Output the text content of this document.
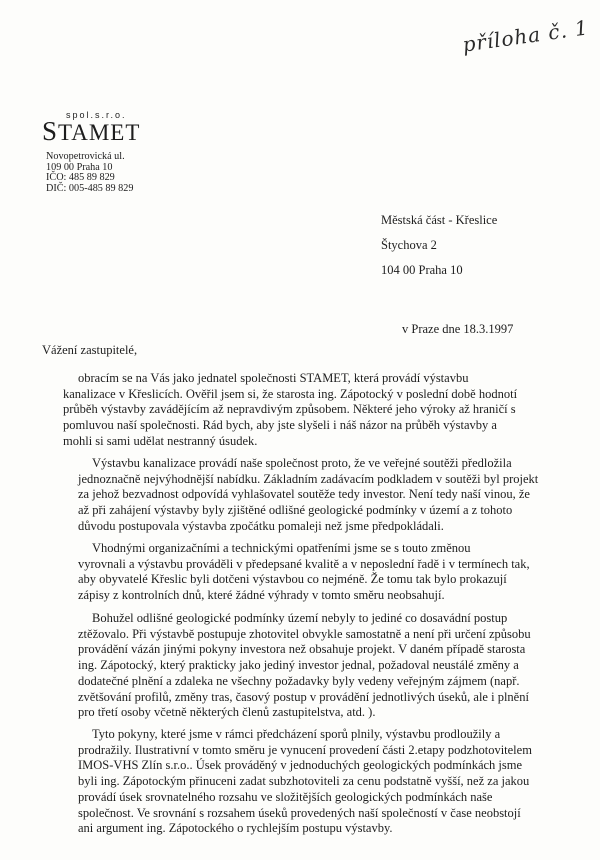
příloha č. 1
spol.s.r.o.
STAMET
Novopetrovická ul.
109 00 Praha 10
IČO: 485 89 829
DIČ: 005-485 89 829
Městská část - Křeslice
Štychova 2
104 00 Praha 10
v Praze dne 18.3.1997
Vážení zastupitelé,
obracím se na Vás jako jednatel společnosti STAMET, která provádí výstavbu
kanalizace v Křeslicích. Ověřil jsem si, že starosta ing. Zápotocký v poslední době hodnotí
průběh výstavby zavádějícím až nepravdivým způsobem. Některé jeho výroky až hraničí s
pomluvou naší společnosti. Rád bych, aby jste slyšeli i náš názor na průběh výstavby a
mohli si sami udělat nestranný úsudek.
Výstavbu kanalizace provádí naše společnost proto, že ve veřejné soutěži předložila
jednoznačně nejvýhodnější nabídku. Základním zadávacím podkladem v soutěži byl projekt
za jehož bezvadnost odpovídá vyhlašovatel soutěže tedy investor. Není tedy naší vinou, že
až při zahájení výstavby byly zjištěné odlišné geologické podmínky v území a z tohoto
důvodu postupovala výstavba zpočátku pomaleji než jsme předpokládali.
Vhodnými organizačními a technickými opatřeními jsme se s touto změnou
vyrovnali a výstavbu prováděli v předepsané kvalitě a v neposlední řadě i v termínech tak,
aby obyvatelé Křeslic byli dotčeni výstavbou co nejméně. Že tomu tak bylo prokazují
zápisy z kontrolních dnů, které žádné výhrady v tomto směru neobsahují.
Bohužel odlišné geologické podmínky území nebyly to jediné co dosavádní postup
ztěžovalo. Při výstavbě postupuje zhotovitel obvykle samostatně a není při určení způsobu
provádění vázán jinými pokyny investora než obsahuje projekt. V daném případě starosta
ing. Zápotocký, který prakticky jako jediný investor jednal, požadoval neustálé změny a
dodatečné plnění a zdaleka ne všechny požadavky byly vedeny veřejným zájmem (např.
zvětšování profilů, změny tras, časový postup v provádění jednotlivých úseků, ale i plnění
pro třetí osoby včetně některých členů zastupitelstva, atd. ).
Tyto pokyny, které jsme v rámci předcházení sporů plnily, výstavbu prodloužily a
prodražily. Ilustrativní v tomto směru je vynucení provedení části 2.etapy podzhotovitelem
IMOS-VHS Zlín s.r.o.. Úsek prováděný v jednoduchých geologických podmínkách jsme
byli ing. Zápotockým přinuceni zadat subzhotoviteli za cenu podstatně vyšší, než za jakou
provádí úsek srovnatelného rozsahu ve složitějších geologických podmínkách naše
společnost. Ve srovnání s rozsahem úseků provedených naší společností v čase neobstojí
ani argument ing. Zápotockého o rychlejším postupu výstavby.
